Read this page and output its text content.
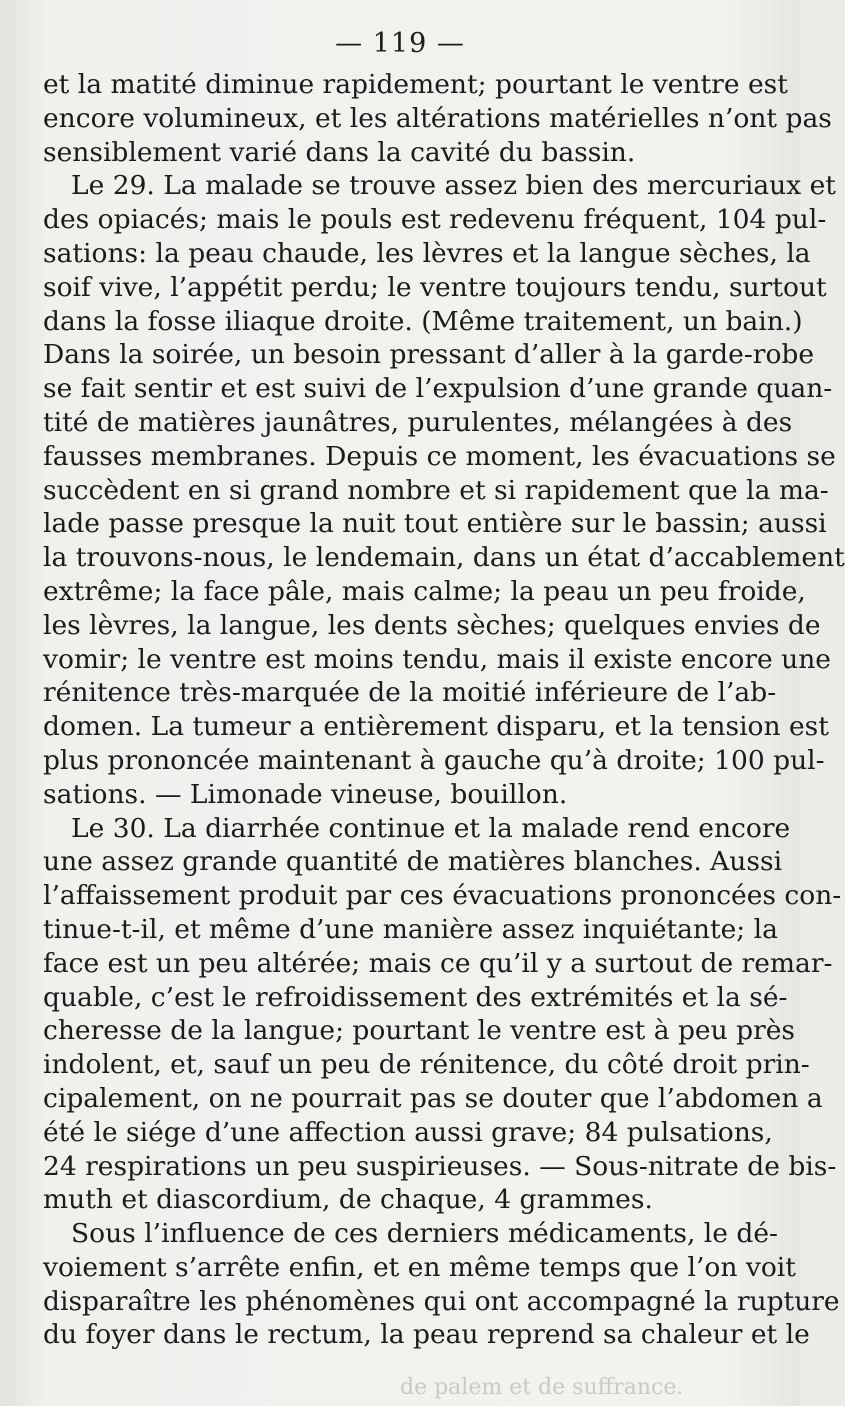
— 119 —
et la matité diminue rapidement; pourtant le ventre est
encore volumineux, et les altérations matérielles n’ont pas
sensiblement varié dans la cavité du bassin.
Le 29. La malade se trouve assez bien des mercuriaux et
des opiacés; mais le pouls est redevenu fréquent, 104 pul-
sations: la peau chaude, les lèvres et la langue sèches, la
soif vive, l’appétit perdu; le ventre toujours tendu, surtout
dans la fosse iliaque droite. (Même traitement, un bain.)
Dans la soirée, un besoin pressant d’aller à la garde-robe
se fait sentir et est suivi de l’expulsion d’une grande quan-
tité de matières jaunâtres, purulentes, mélangées à des
fausses membranes. Depuis ce moment, les évacuations se
succèdent en si grand nombre et si rapidement que la ma-
lade passe presque la nuit tout entière sur le bassin; aussi
la trouvons-nous, le lendemain, dans un état d’accablement
extrême; la face pâle, mais calme; la peau un peu froide,
les lèvres, la langue, les dents sèches; quelques envies de
vomir; le ventre est moins tendu, mais il existe encore une
rénitence très-marquée de la moitié inférieure de l’ab-
domen. La tumeur a entièrement disparu, et la tension est
plus prononcée maintenant à gauche qu’à droite; 100 pul-
sations. — Limonade vineuse, bouillon.
Le 30. La diarrhée continue et la malade rend encore
une assez grande quantité de matières blanches. Aussi
l’affaissement produit par ces évacuations prononcées con-
tinue-t-il, et même d’une manière assez inquiétante; la
face est un peu altérée; mais ce qu’il y a surtout de remar-
quable, c’est le refroidissement des extrémités et la sé-
cheresse de la langue; pourtant le ventre est à peu près
indolent, et, sauf un peu de rénitence, du côté droit prin-
cipalement, on ne pourrait pas se douter que l’abdomen a
été le siége d’une affection aussi grave; 84 pulsations,
24 respirations un peu suspirieuses. — Sous-nitrate de bis-
muth et diascordium, de chaque, 4 grammes.
Sous l’influence de ces derniers médicaments, le dé-
voiement s’arrête enfin, et en même temps que l’on voit
disparaître les phénomènes qui ont accompagné la rupture
du foyer dans le rectum, la peau reprend sa chaleur et le
de palem et de suffrance.
